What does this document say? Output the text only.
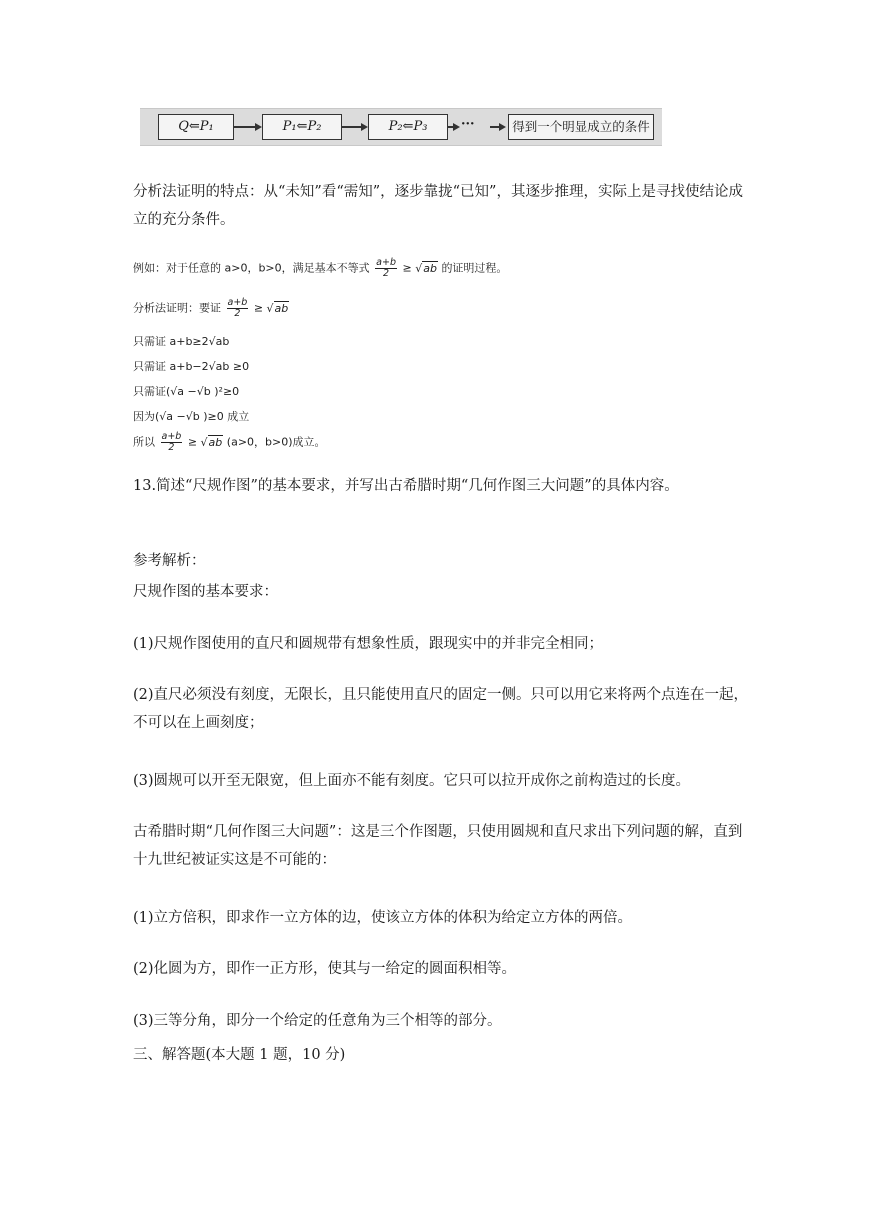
Q⇐P₁	P₁⇐P₂	P₂⇐P₃	···	得到一个明显成立的条件
分析法证明的特点：从“未知”看“需知”，逐步靠拢“已知”，其逐步推理，实际上是寻找使结论成立的充分条件。
例如：对于任意的 a>0，b>0，满足基本不等式 $\frac{a+b}{2} \ge √ab$ 的证明过程。
分析法证明：要证 $\frac{a+b}{2} \ge √ab$
只需证 a+b≥2√ab
只需证 a+b−2√ab ≥0
只需证(√a −√b )²≥0
因为(√a −√b )≥0 成立
所以 $\frac{a+b}{2} \ge √ab$ (a>0，b>0)成立。
13.简述“尺规作图”的基本要求，并写出古希腊时期“几何作图三大问题”的具体内容。
参考解析：
尺规作图的基本要求：
(1)尺规作图使用的直尺和圆规带有想象性质，跟现实中的并非完全相同；
(2)直尺必须没有刻度，无限长，且只能使用直尺的固定一侧。只可以用它来将两个点连在一起，不可以在上画刻度；
(3)圆规可以开至无限宽，但上面亦不能有刻度。它只可以拉开成你之前构造过的长度。
古希腊时期“几何作图三大问题”：这是三个作图题，只使用圆规和直尺求出下列问题的解，直到十九世纪被证实这是不可能的：
(1)立方倍积，即求作一立方体的边，使该立方体的体积为给定立方体的两倍。
(2)化圆为方，即作一正方形，使其与一给定的圆面积相等。
(3)三等分角，即分一个给定的任意角为三个相等的部分。
三、解答题(本大题 1 题，10 分)
